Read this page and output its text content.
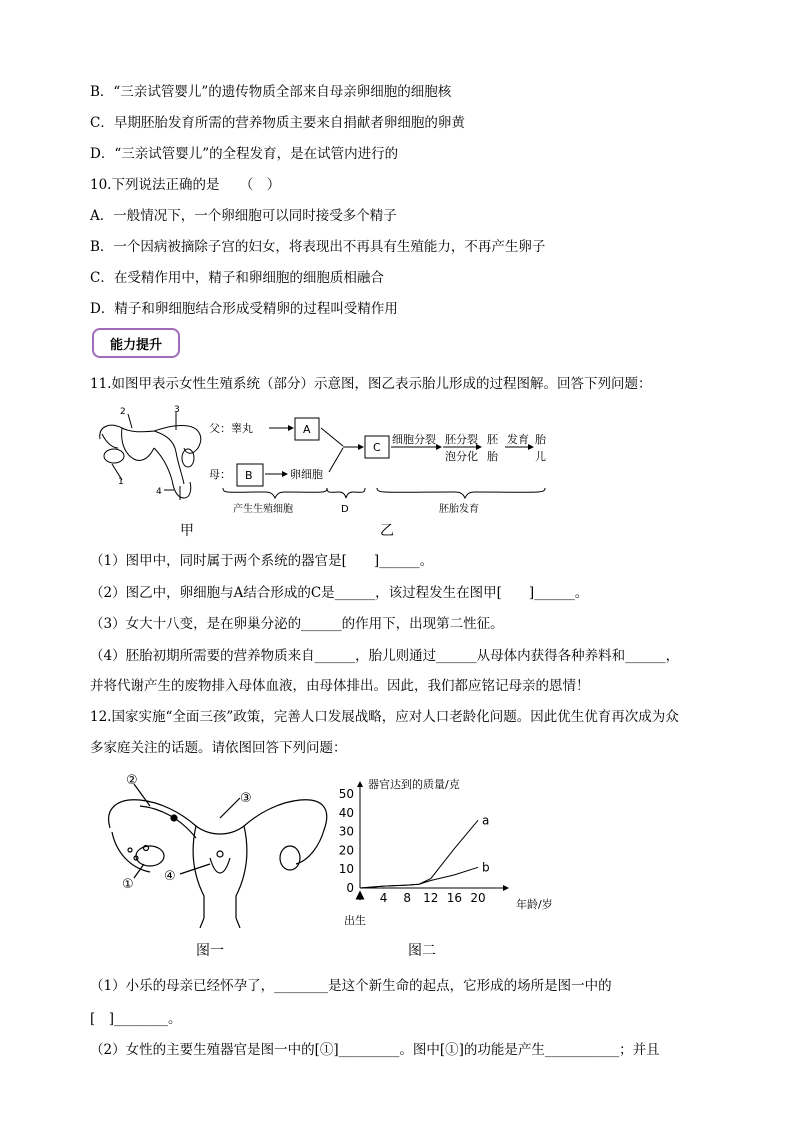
B．“三亲试管婴儿”的遗传物质全部来自母亲卵细胞的细胞核
C．早期胚胎发育所需的营养物质主要来自捐献者卵细胞的卵黄
D．“三亲试管婴儿”的全程发育，是在试管内进行的
10.下列说法正确的是　　（　）
A．一般情况下，一个卵细胞可以同时接受多个精子
B．一个因病被摘除子宫的妇女，将表现出不再具有生殖能力，不再产生卵子
C．在受精作用中，精子和卵细胞的细胞质相融合
D．精子和卵细胞结合形成受精卵的过程叫受精作用
能力提升
11.如图甲表示女性生殖系统（部分）示意图，图乙表示胎儿形成的过程图解。回答下列问题：
2	3
1
4
甲
父：睾丸
母：	卵细胞
A
B
C
细胞分裂 胚分裂
泡分化
胚
胎
发育 胎
儿
产生生殖细胞	D	胚胎发育
乙
（1）图甲中，同时属于两个系统的器官是[　　]______。
（2）图乙中，卵细胞与A结合形成的C是______，该过程发生在图甲[　　]______。
（3）女大十八变，是在卵巢分泌的______的作用下，出现第二性征。
（4）胚胎初期所需要的营养物质来自______，胎儿则通过______从母体内获得各种养料和______，
并将代谢产生的废物排入母体血液，由母体排出。因此，我们都应铭记母亲的恩情！
12.国家实施“全面三孩”政策，完善人口发展战略，应对人口老龄化问题。因此优生优育再次成为众
多家庭关注的话题。请依图回答下列问题：
②
③
①
④
图一
器官达到的质量/克
年龄/岁
出生
0
10
20
30
40
50
4 8 12 16 20
a
b
图二
（1）小乐的母亲已经怀孕了，________是这个新生命的起点，它形成的场所是图一中的
[　]________。
（2）女性的主要生殖器官是图一中的[①]_________。图中[①]的功能是产生___________；并且
